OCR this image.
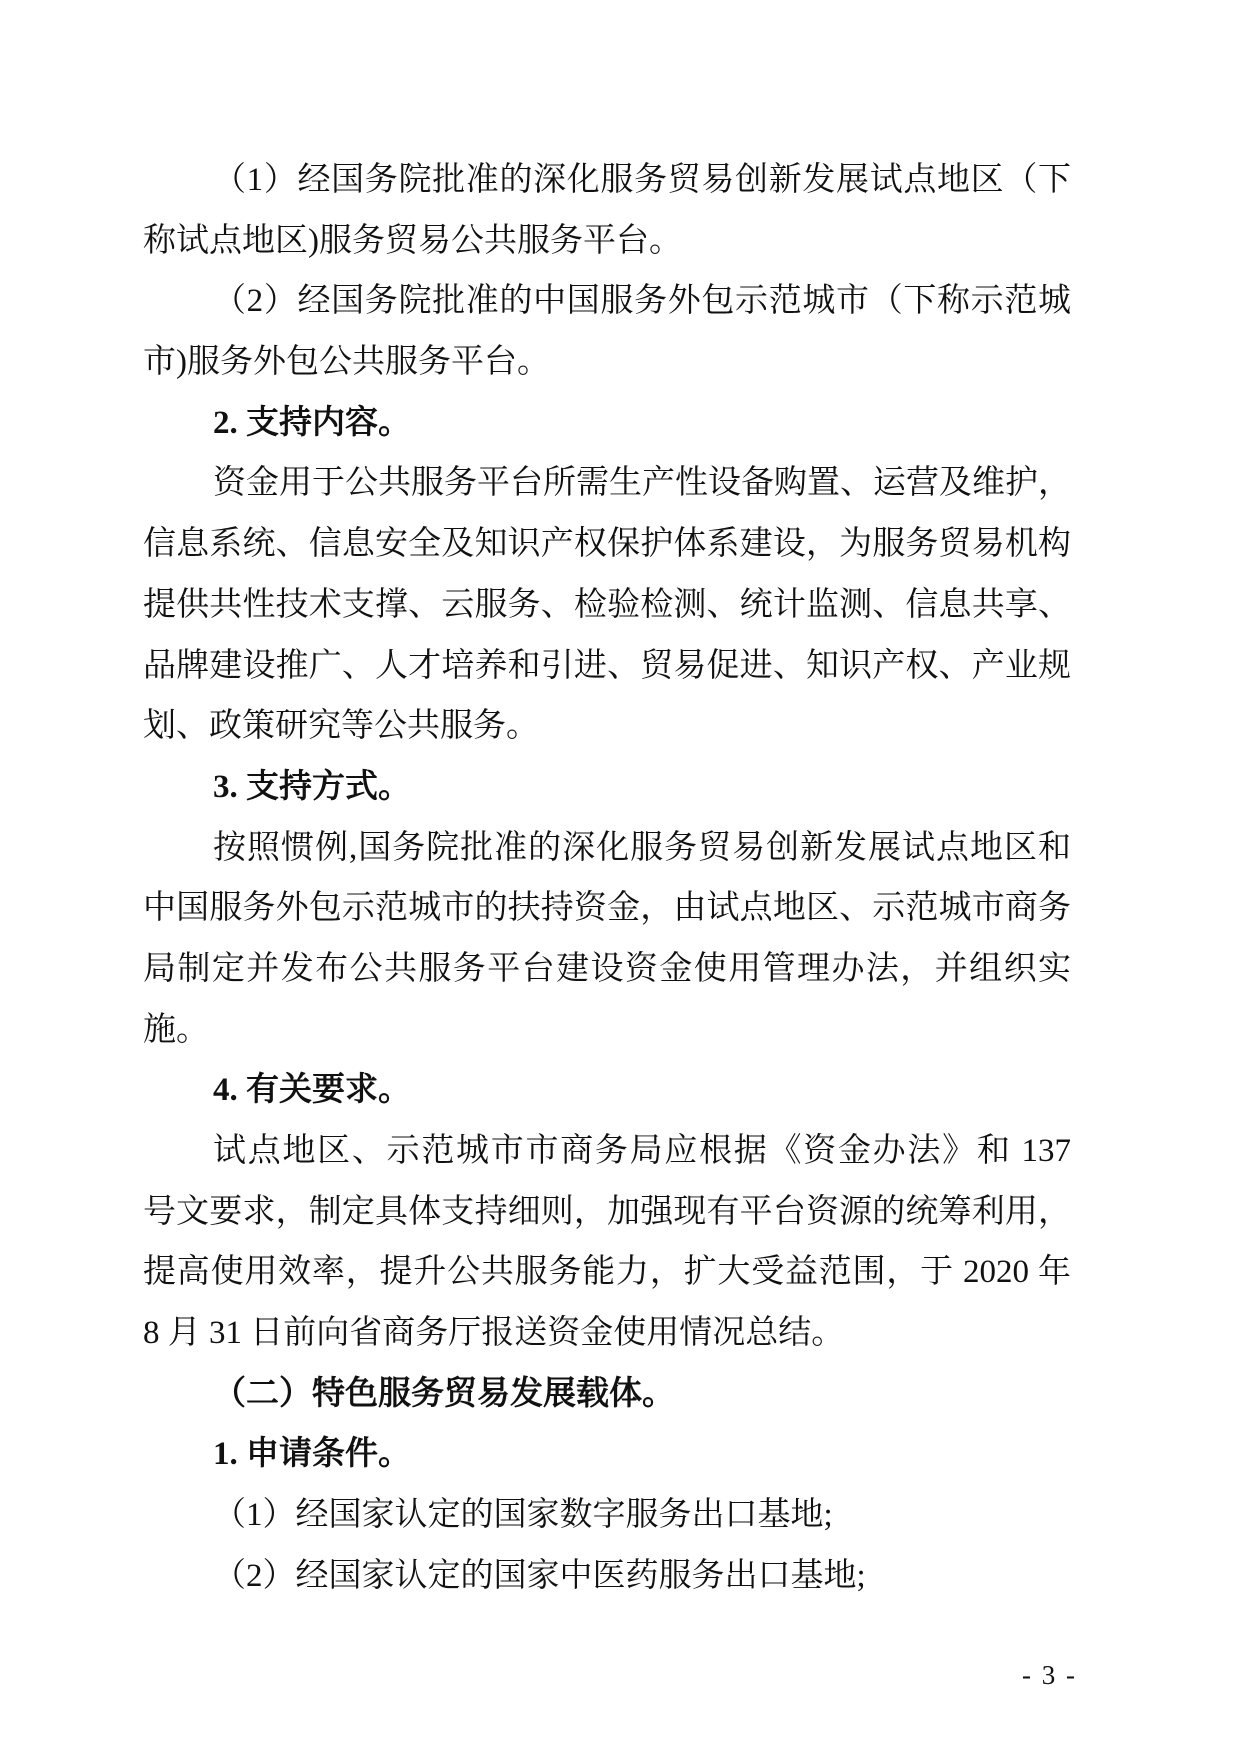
（1）经国务院批准的深化服务贸易创新发展试点地区（下
称试点地区)服务贸易公共服务平台。
（2）经国务院批准的中国服务外包示范城市（下称示范城
市)服务外包公共服务平台。
2. 支持内容。
资金用于公共服务平台所需生产性设备购置、运营及维护，
信息系统、信息安全及知识产权保护体系建设，为服务贸易机构
提供共性技术支撑、云服务、检验检测、统计监测、信息共享、
品牌建设推广、人才培养和引进、贸易促进、知识产权、产业规
划、政策研究等公共服务。
3. 支持方式。
按照惯例,国务院批准的深化服务贸易创新发展试点地区和
中国服务外包示范城市的扶持资金，由试点地区、示范城市商务
局制定并发布公共服务平台建设资金使用管理办法，并组织实
施。
4. 有关要求。
试点地区、示范城市市商务局应根据《资金办法》和 137
号文要求，制定具体支持细则，加强现有平台资源的统筹利用，
提高使用效率，提升公共服务能力，扩大受益范围，于 2020 年
8 月 31 日前向省商务厅报送资金使用情况总结。
（二）特色服务贸易发展载体。
1. 申请条件。
（1）经国家认定的国家数字服务出口基地;
（2）经国家认定的国家中医药服务出口基地;
- 3 -
